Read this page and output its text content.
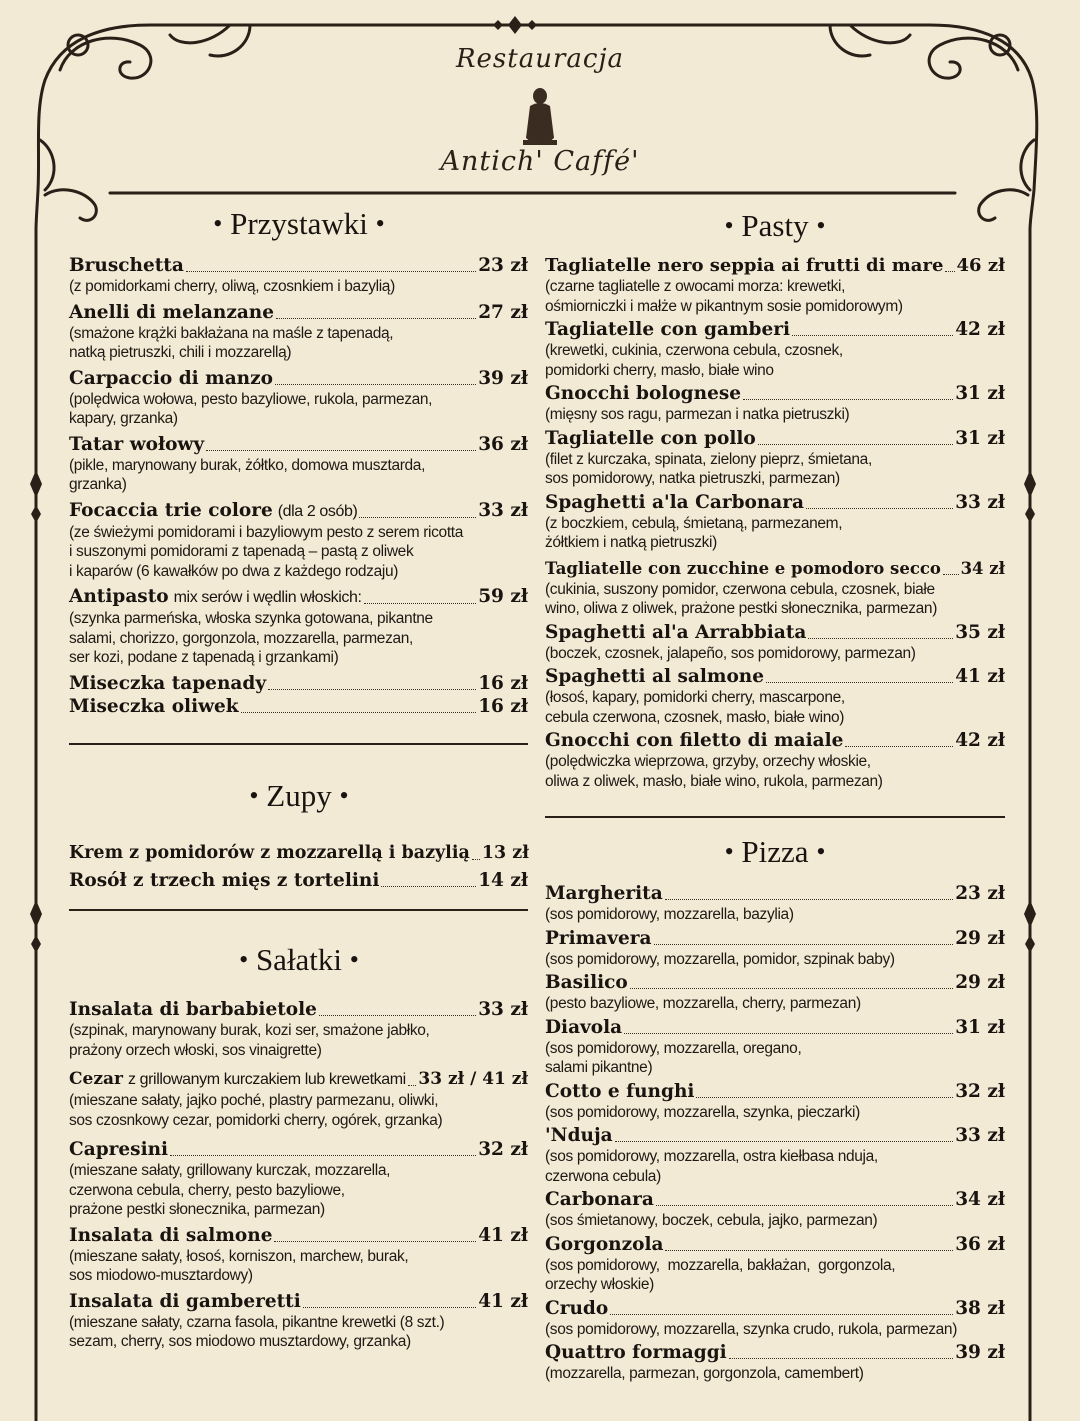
Restauracja
Antich' Caffé'
• Przystawki •
Bruschetta	23 zł
(z pomidorkami cherry, oliwą, czosnkiem i bazylią)
Anelli di melanzane	27 zł
(smażone krążki bakłażana na maśle z tapenadą,
natką pietruszki, chili i mozzarellą)
Carpaccio di manzo	39 zł
(polędwica wołowa, pesto bazyliowe, rukola, parmezan,
kapary, grzanka)
Tatar wołowy	36 zł
(pikle, marynowany burak, żółtko, domowa musztarda,
grzanka)
Focaccia trie colore (dla 2 osób)	33 zł
(ze świeżymi pomidorami i bazyliowym pesto z serem ricotta
i suszonymi pomidorami z tapenadą – pastą z oliwek
i kaparów (6 kawałków po dwa z każdego rodzaju)
Antipasto mix serów i wędlin włoskich:	59 zł
(szynka parmeńska, włoska szynka gotowana, pikantne
salami, chorizzo, gorgonzola, mozzarella, parmezan,
ser kozi, podane z tapenadą i grzankami)
Miseczka tapenady	16 zł
Miseczka oliwek	16 zł
• Zupy •
Krem z pomidorów z mozzarellą i bazylią 13 zł
Rosół z trzech mięs z tortelini	14 zł
• Sałatki •
Insalata di barbabietole	33 zł
(szpinak, marynowany burak, kozi ser, smażone jabłko,
prażony orzech włoski, sos vinaigrette)
Cezar z grillowanym kurczakiem lub krewetkami 33 zł / 41 zł
(mieszane sałaty, jajko poché, plastry parmezanu, oliwki,
sos czosnkowy cezar, pomidorki cherry, ogórek, grzanka)
Capresini	32 zł
(mieszane sałaty, grillowany kurczak, mozzarella,
czerwona cebula, cherry, pesto bazyliowe,
prażone pestki słonecznika, parmezan)
Insalata di salmone	41 zł
(mieszane sałaty, łosoś, korniszon, marchew, burak,
sos miodowo-musztardowy)
Insalata di gamberetti	41 zł
(mieszane sałaty, czarna fasola, pikantne krewetki (8 szt.)
sezam, cherry, sos miodowo musztardowy, grzanka)
• Pasty •
Tagliatelle nero seppia ai frutti di mare 46 zł
(czarne tagliatelle z owocami morza: krewetki,
ośmiorniczki i małże w pikantnym sosie pomidorowym)
Tagliatelle con gamberi	42 zł
(krewetki, cukinia, czerwona cebula, czosnek,
pomidorki cherry, masło, białe wino
Gnocchi bolognese	31 zł
(mięsny sos ragu, parmezan i natka pietruszki)
Tagliatelle con pollo	31 zł
(filet z kurczaka, spinata, zielony pieprz, śmietana,
sos pomidorowy, natka pietruszki, parmezan)
Spaghetti a'la Carbonara	33 zł
(z boczkiem, cebulą, śmietaną, parmezanem,
żółtkiem i natką pietruszki)
Tagliatelle con zucchine e pomodoro secco 34 zł
(cukinia, suszony pomidor, czerwona cebula, czosnek, białe
wino, oliwa z oliwek, prażone pestki słonecznika, parmezan)
Spaghetti al'a Arrabbiata	35 zł
(boczek, czosnek, jalapeño, sos pomidorowy, parmezan)
Spaghetti al salmone	41 zł
(łosoś, kapary, pomidorki cherry, mascarpone,
cebula czerwona, czosnek, masło, białe wino)
Gnocchi con filetto di maiale	42 zł
(polędwiczka wieprzowa, grzyby, orzechy włoskie,
oliwa z oliwek, masło, białe wino, rukola, parmezan)
• Pizza •
Margherita	23 zł
(sos pomidorowy, mozzarella, bazylia)
Primavera	29 zł
(sos pomidorowy, mozzarella, pomidor, szpinak baby)
Basilico	29 zł
(pesto bazyliowe, mozzarella, cherry, parmezan)
Diavola	31 zł
(sos pomidorowy, mozzarella, oregano,
salami pikantne)
Cotto e funghi	32 zł
(sos pomidorowy, mozzarella, szynka, pieczarki)
'Nduja	33 zł
(sos pomidorowy, mozzarella, ostra kiełbasa nduja,
czerwona cebula)
Carbonara	34 zł
(sos śmietanowy, boczek, cebula, jajko, parmezan)
Gorgonzola	36 zł
(sos pomidorowy,  mozzarella, bakłażan,  gorgonzola,
orzechy włoskie)
Crudo	38 zł
(sos pomidorowy, mozzarella, szynka crudo, rukola, parmezan)
Quattro formaggi	39 zł
(mozzarella, parmezan, gorgonzola, camembert)
